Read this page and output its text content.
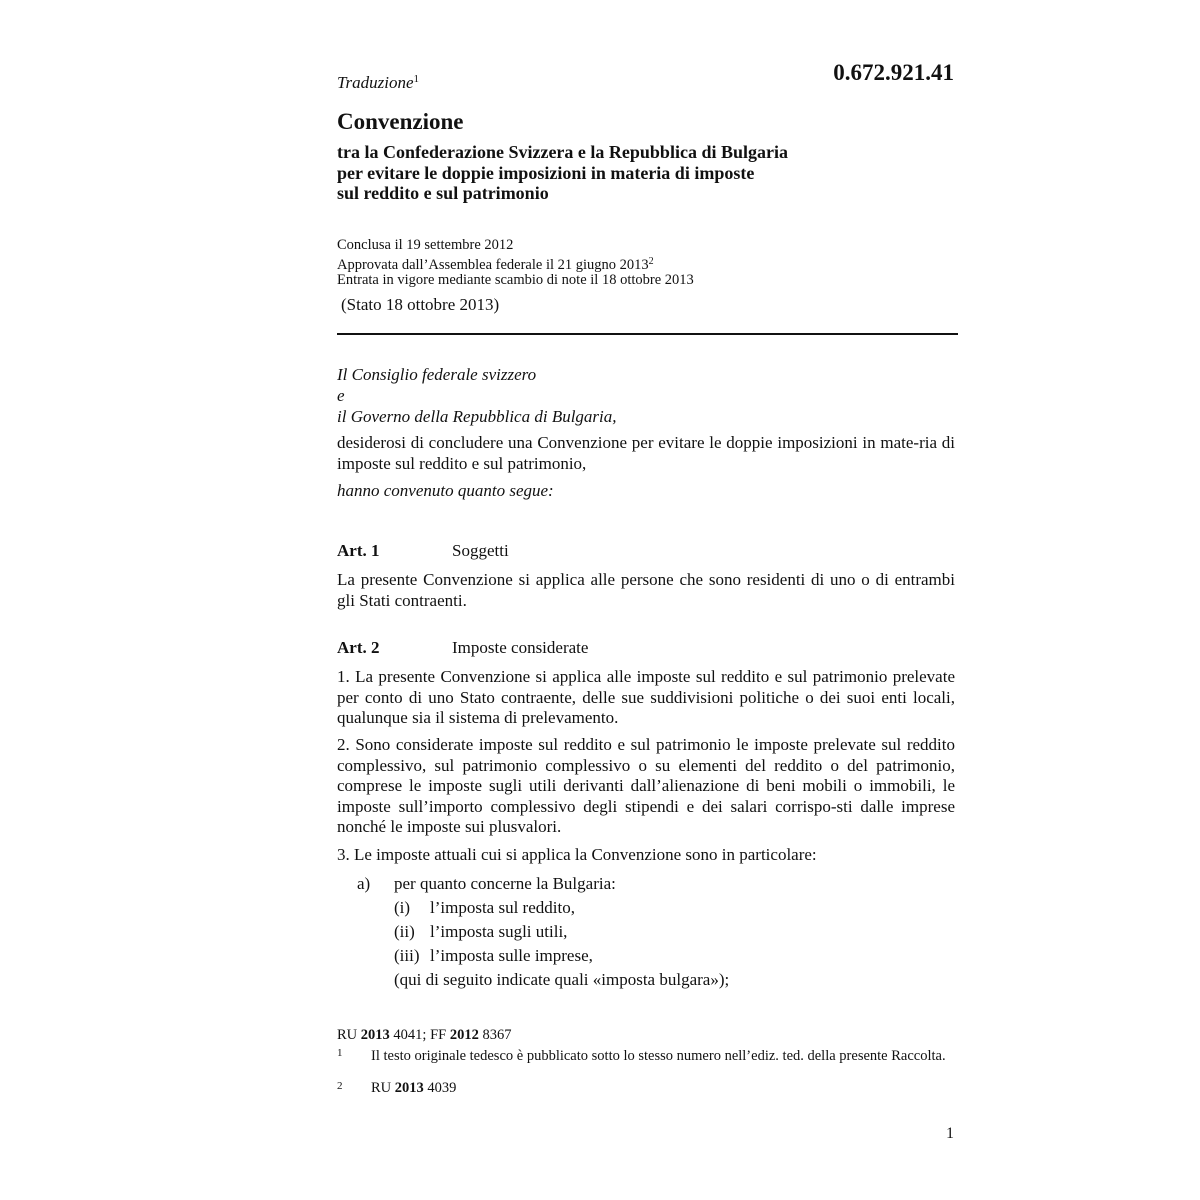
0.672.921.41
Traduzione$^1$
Convenzione
tra la Confederazione Svizzera e la Repubblica di Bulgaria
per evitare le doppie imposizioni in materia di imposte
sul reddito e sul patrimonio
Conclusa il 19 settembre 2012
Approvata dall’Assemblea federale il 21 giugno 2013$^2$
Entrata in vigore mediante scambio di note il 18 ottobre 2013
(Stato 18 ottobre 2013)
Il Consiglio federale svizzero
e
il Governo della Repubblica di Bulgaria,
desiderosi di concludere una Convenzione per evitare le doppie imposizioni in mate-ria di imposte sul reddito e sul patrimonio,
hanno convenuto quanto segue:
Art. 1	Soggetti
La presente Convenzione si applica alle persone che sono residenti di uno o di entrambi gli Stati contraenti.
Art. 2	Imposte considerate
1. La presente Convenzione si applica alle imposte sul reddito e sul patrimonio prelevate per conto di uno Stato contraente, delle sue suddivisioni politiche o dei suoi enti locali, qualunque sia il sistema di prelevamento.
2. Sono considerate imposte sul reddito e sul patrimonio le imposte prelevate sul reddito complessivo, sul patrimonio complessivo o su elementi del reddito o del patrimonio, comprese le imposte sugli utili derivanti dall’alienazione di beni mobili o immobili, le imposte sull’importo complessivo degli stipendi e dei salari corrispo-sti dalle imprese nonché le imposte sui plusvalori.
3. Le imposte attuali cui si applica la Convenzione sono in particolare:
a) per quanto concerne la Bulgaria:
(i) l’imposta sul reddito,
(ii) l’imposta sugli utili,
(iii) l’imposta sulle imprese,
(qui di seguito indicate quali «imposta bulgara»);
RU 2013 4041; FF 2012 8367
1 Il testo originale tedesco è pubblicato sotto lo stesso numero nell’ediz. ted. della presente Raccolta.
2 RU 2013 4039
1
